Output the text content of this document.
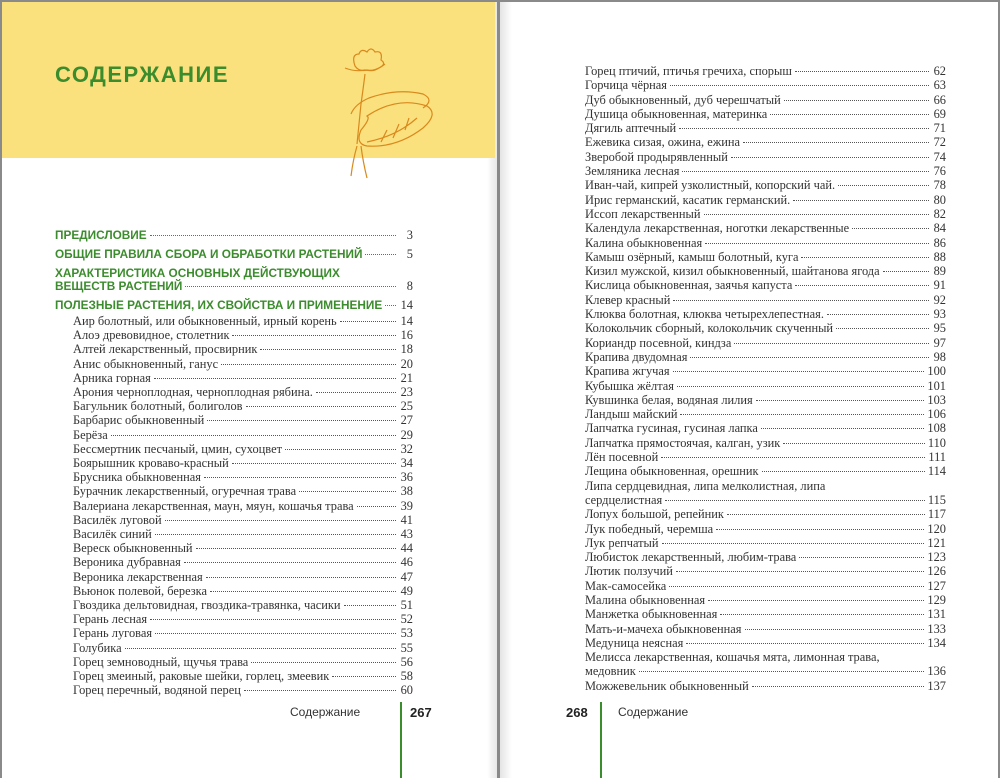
СОДЕРЖАНИЕ
ПРЕДИСЛОВИЕ	3
ОБЩИЕ ПРАВИЛА СБОРА И ОБРАБОТКИ РАСТЕНИЙ	5
ХАРАКТЕРИСТИКА ОСНОВНЫХ ДЕЙСТВУЮЩИХ
ВЕЩЕСТВ РАСТЕНИЙ	8
ПОЛЕЗНЫЕ РАСТЕНИЯ, ИХ СВОЙСТВА И ПРИМЕНЕНИЕ 14
Аир болотный, или обыкновенный, ирный корень	14
Алоэ древовидное, столетник	16
Алтей лекарственный, просвирник	18
Анис обыкновенный, ганус	20
Арника горная	21
Арония черноплодная, черноплодная рябина.	23
Багульник болотный, болиголов	25
Барбарис обыкновенный	27
Берёза	29
Бессмертник песчаный, цмин, сухоцвет	32
Боярышник кроваво-красный	34
Брусника обыкновенная	36
Бурачник лекарственный, огуречная трава	38
Валериана лекарственная, маун, мяун, кошачья трава	39
Василёк луговой	41
Василёк синий	43
Вереск обыкновенный	44
Вероника дубравная	46
Вероника лекарственная	47
Вьюнок полевой, березка	49
Гвоздика дельтовидная, гвоздика-травянка, часики	51
Герань лесная	52
Герань луговая	53
Голубика	55
Горец земноводный, щучья трава	56
Горец змеиный, раковые шейки, горлец, змеевик	58
Горец перечный, водяной перец	60
Содержание	267
Горец птичий, птичья гречиха, спорыш	62
Горчица чёрная	63
Дуб обыкновенный, дуб черешчатый	66
Душица обыкновенная, материнка	69
Дягиль аптечный	71
Ежевика сизая, ожина, ежина	72
Зверобой продырявленный	74
Земляника лесная	76
Иван-чай, кипрей узколистный, копорский чай.	78
Ирис германский, касатик германский.	80
Иссоп лекарственный	82
Календула лекарственная, ноготки лекарственные	84
Калина обыкновенная	86
Камыш озёрный, камыш болотный, куга	88
Кизил мужской, кизил обыкновенный, шайтанова ягода	89
Кислица обыкновенная, заячья капуста	91
Клевер красный	92
Клюква болотная, клюква четырехлепестная.	93
Колокольчик сборный, колокольчик скученный	95
Кориандр посевной, киндза	97
Крапива двудомная	98
Крапива жгучая	100
Кубышка жёлтая	101
Кувшинка белая, водяная лилия	103
Ландыш майский	106
Лапчатка гусиная, гусиная лапка	108
Лапчатка прямостоячая, калган, узик	110
Лён посевной	111
Лещина обыкновенная, орешник	114
Липа сердцевидная, липа мелколистная, липа
сердцелистная	115
Лопух большой, репейник	117
Лук победный, черемша	120
Лук репчатый	121
Любисток лекарственный, любим-трава	123
Лютик ползучий	126
Мак-самосейка	127
Малина обыкновенная	129
Манжетка обыкновенная	131
Мать-и-мачеха обыкновенная	133
Медуница неясная	134
Мелисса лекарственная, кошачья мята, лимонная трава,
медовник	136
Можжевельник обыкновенный	137
268	Содержание
